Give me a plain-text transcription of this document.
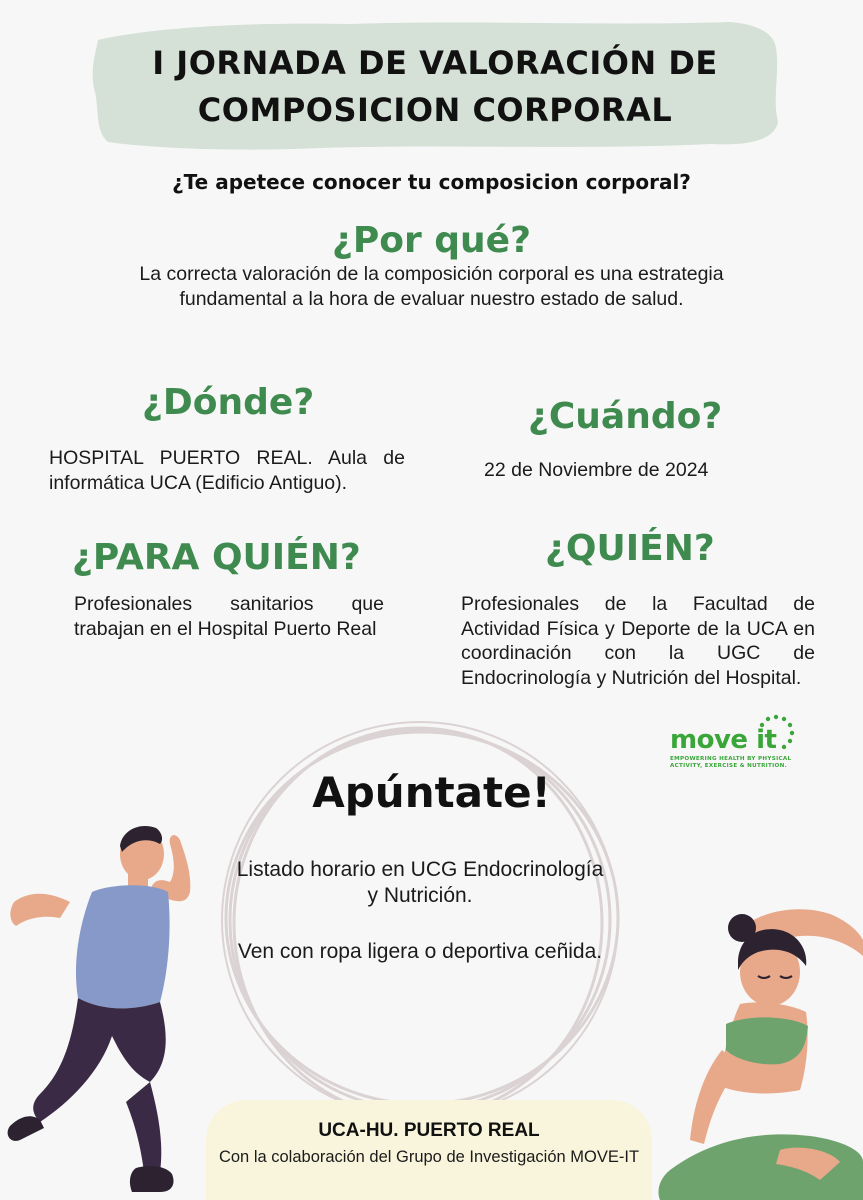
I JORNADA DE VALORACIÓN DE
COMPOSICION CORPORAL
¿Te apetece conocer tu composicion corporal?
¿Por qué?
La correcta valoración de la composición corporal es una estrategia fundamental a la hora de evaluar nuestro estado de salud.
¿Dónde?
HOSPITAL PUERTO REAL. Aula de informática UCA (Edificio Antiguo).
¿Cuándo?
22 de Noviembre de 2024
¿PARA QUIÉN?
Profesionales sanitarios que trabajan en el Hospital Puerto Real
¿QUIÉN?
Profesionales de la Facultad de Actividad Física y Deporte de la UCA en coordinación con la UGC de Endocrinología y Nutrición del Hospital.
move it
EMPOWERING HEALTH BY PHYSICAL ACTIVITY, EXERCISE & NUTRITION.
Apúntate!
Listado horario en UCG Endocrinología y Nutrición.
Ven con ropa ligera o deportiva ceñida.
UCA-HU. PUERTO REAL
Con la colaboración del Grupo de Investigación MOVE-IT
